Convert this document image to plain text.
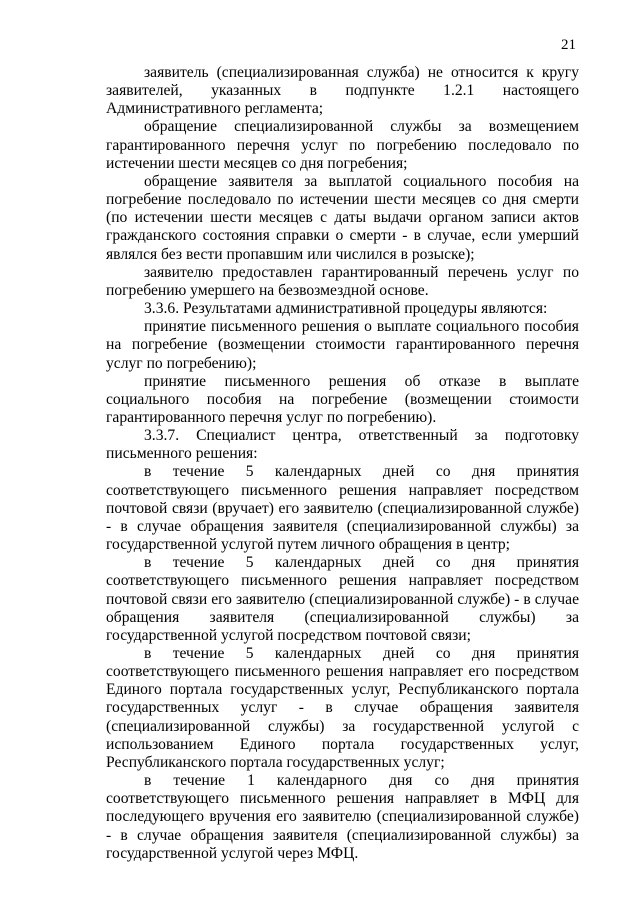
21

заявитель (специализированная служба) не относится к кругу заявителей, указанных в подпункте 1.2.1 настоящего Административного регламента;

обращение специализированной службы за возмещением гарантированного перечня услуг по погребению последовало по истечении шести месяцев со дня погребения;

обращение заявителя за выплатой социального пособия на погребение последовало по истечении шести месяцев со дня смерти (по истечении шести месяцев с даты выдачи органом записи актов гражданского состояния справки о смерти - в случае, если умерший являлся без вести пропавшим или числился в розыске);

заявителю предоставлен гарантированный перечень услуг по погребению умершего на безвозмездной основе.

3.3.6. Результатами административной процедуры являются:

принятие письменного решения о выплате социального пособия на погребение (возмещении стоимости гарантированного перечня услуг по погребению);

принятие письменного решения об отказе в выплате социального пособия на погребение (возмещении стоимости гарантированного перечня услуг по погребению).

3.3.7. Специалист центра, ответственный за подготовку письменного решения:

в течение 5 календарных дней со дня принятия соответствующего письменного решения направляет посредством почтовой связи (вручает) его заявителю (специализированной службе) - в случае обращения заявителя (специализированной службы) за государственной услугой путем личного обращения в центр;

в течение 5 календарных дней со дня принятия соответствующего письменного решения направляет посредством почтовой связи его заявителю (специализированной службе) - в случае обращения заявителя (специализированной службы) за государственной услугой посредством почтовой связи;

в течение 5 календарных дней со дня принятия соответствующего письменного решения направляет его посредством Единого портала государственных услуг, Республиканского портала государственных услуг - в случае обращения заявителя (специализированной службы) за государственной услугой с использованием Единого портала государственных услуг, Республиканского портала государственных услуг;

в течение 1 календарного дня со дня принятия соответствующего письменного решения направляет в МФЦ для последующего вручения его заявителю (специализированной службе) - в случае обращения заявителя (специализированной службы) за государственной услугой через МФЦ.
